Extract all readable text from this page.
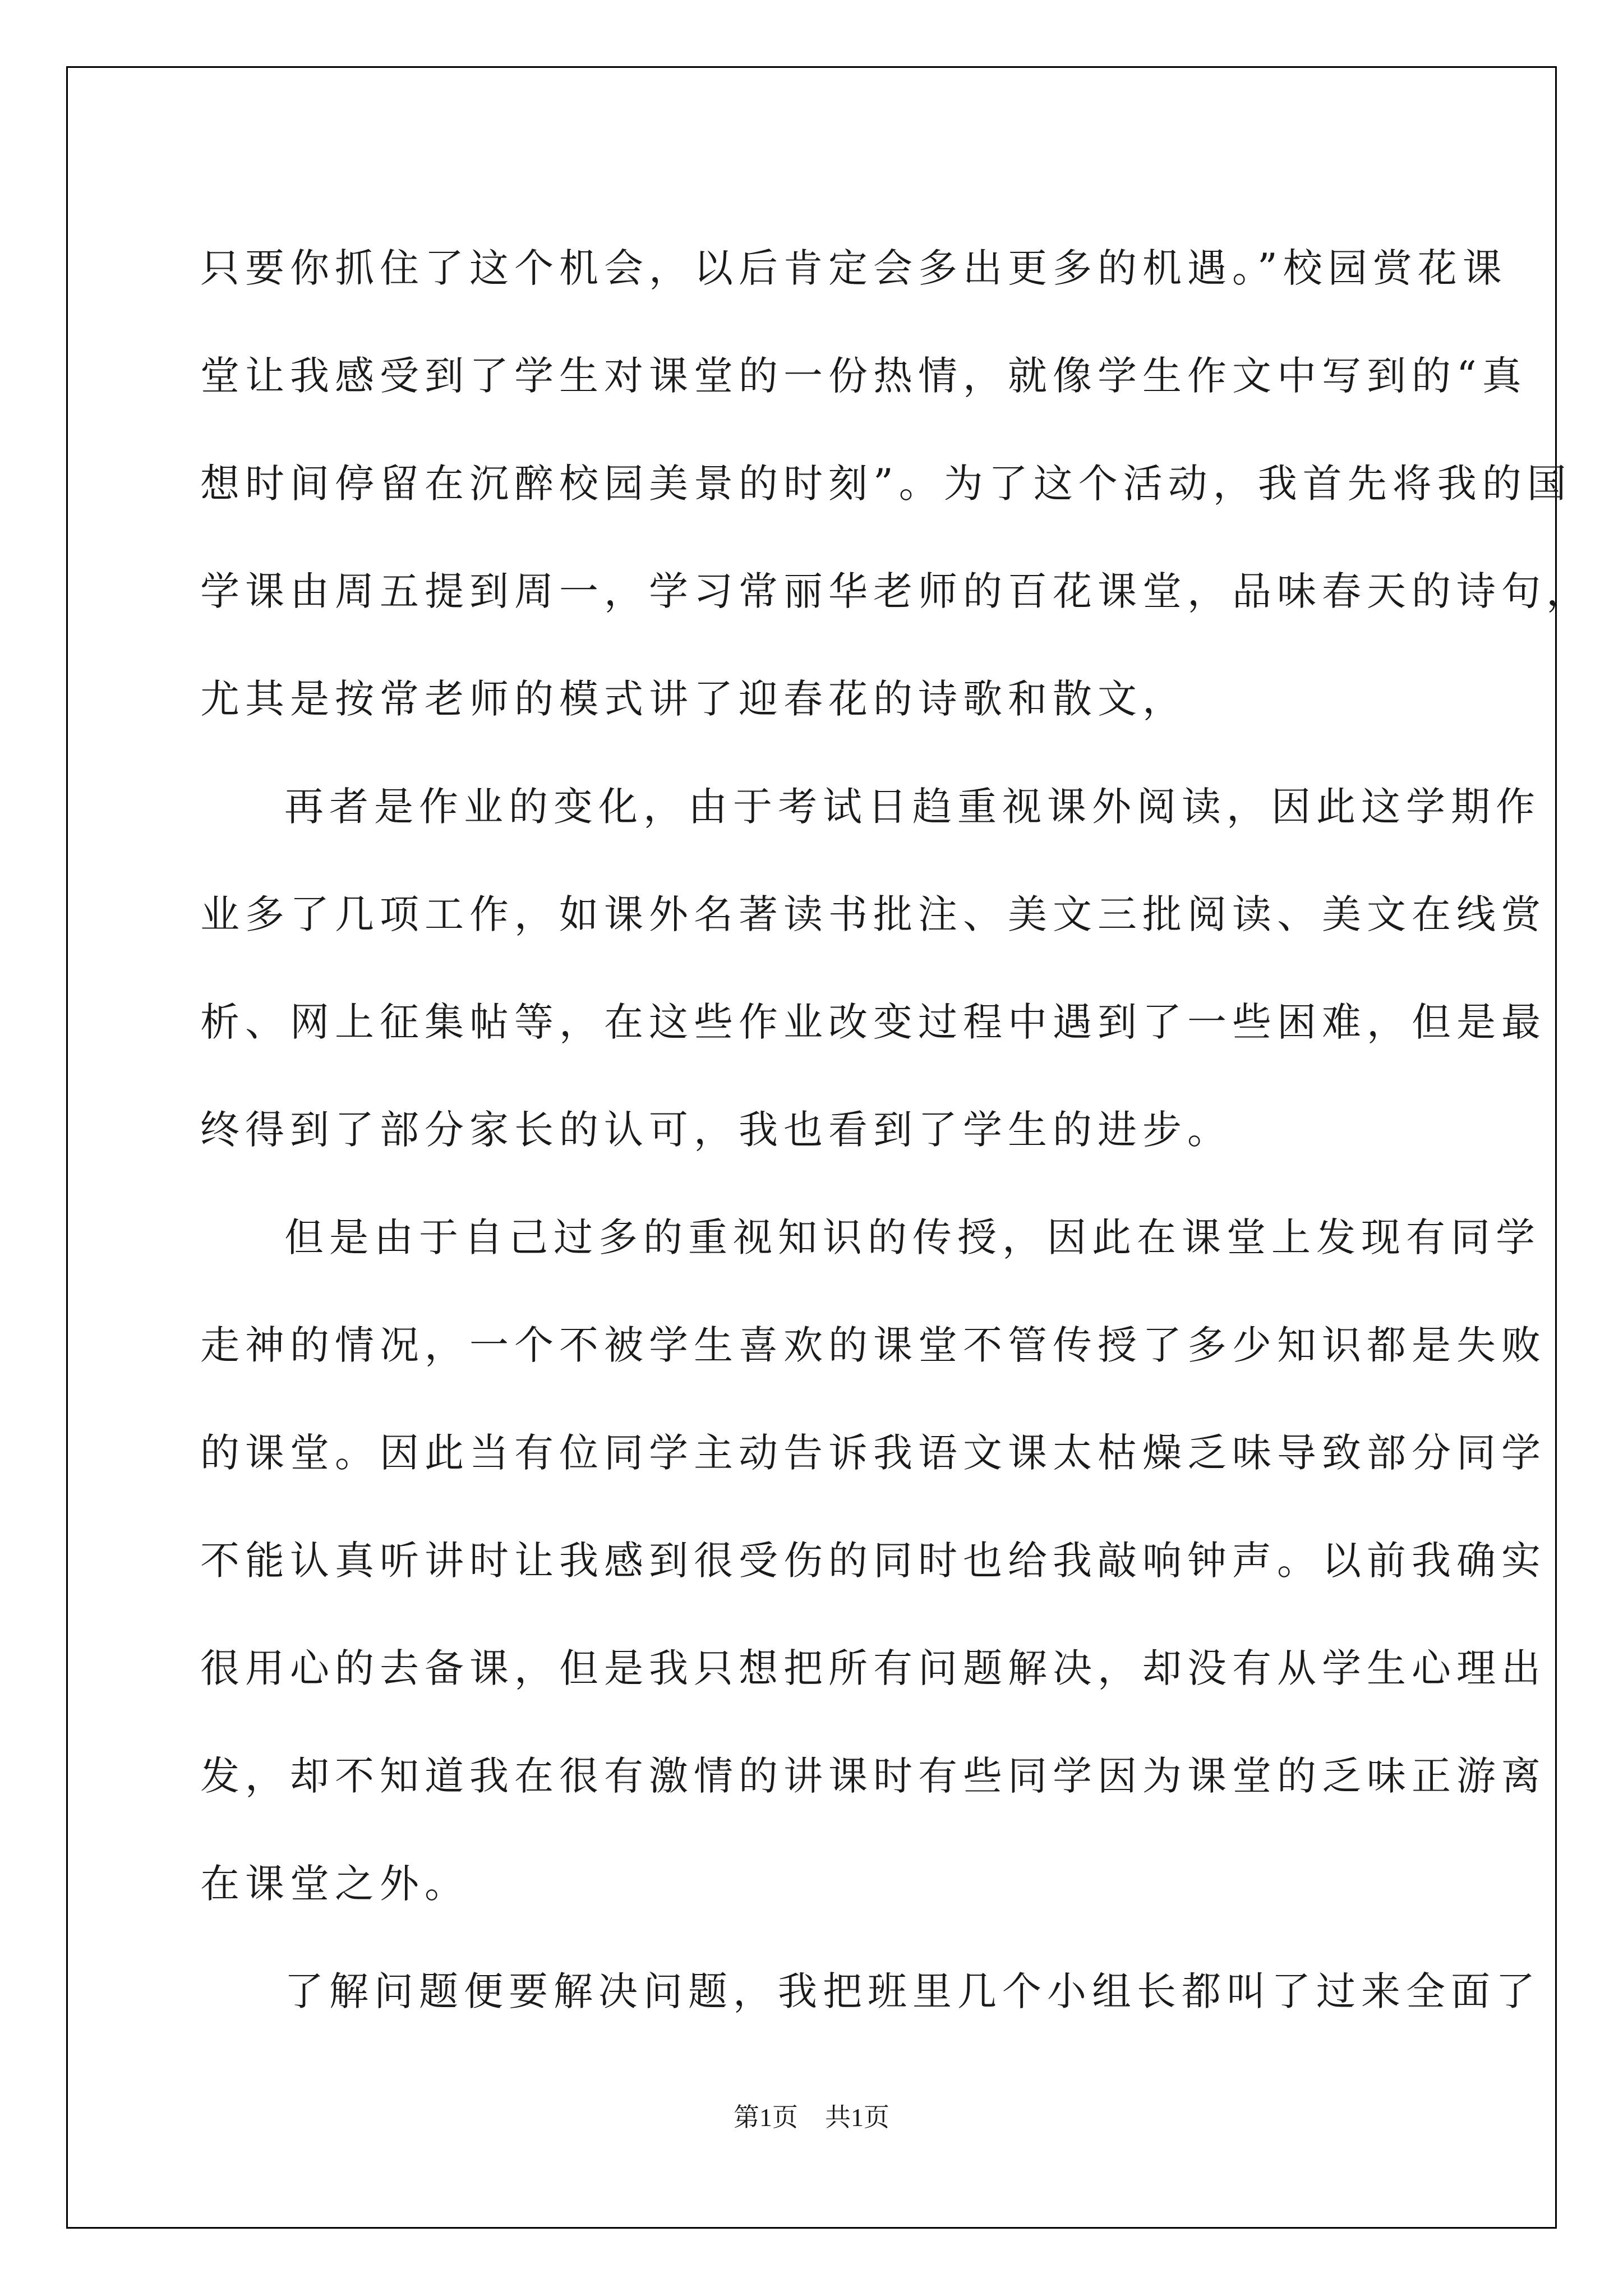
只要你抓住了这个机会，以后肯定会多出更多的机遇。”校园赏花课
堂让我感受到了学生对课堂的一份热情，就像学生作文中写到的“真
想时间停留在沉醉校园美景的时刻”。为了这个活动，我首先将我的国
学课由周五提到周一，学习常丽华老师的百花课堂，品味春天的诗句，
尤其是按常老师的模式讲了迎春花的诗歌和散文，
再者是作业的变化，由于考试日趋重视课外阅读，因此这学期作
业多了几项工作，如课外名著读书批注、美文三批阅读、美文在线赏
析、网上征集帖等，在这些作业改变过程中遇到了一些困难，但是最
终得到了部分家长的认可，我也看到了学生的进步。
但是由于自己过多的重视知识的传授，因此在课堂上发现有同学
走神的情况，一个不被学生喜欢的课堂不管传授了多少知识都是失败
的课堂。因此当有位同学主动告诉我语文课太枯燥乏味导致部分同学
不能认真听讲时让我感到很受伤的同时也给我敲响钟声。以前我确实
很用心的去备课，但是我只想把所有问题解决，却没有从学生心理出
发，却不知道我在很有激情的讲课时有些同学因为课堂的乏味正游离
在课堂之外。
了解问题便要解决问题，我把班里几个小组长都叫了过来全面了
第1页 共1页
